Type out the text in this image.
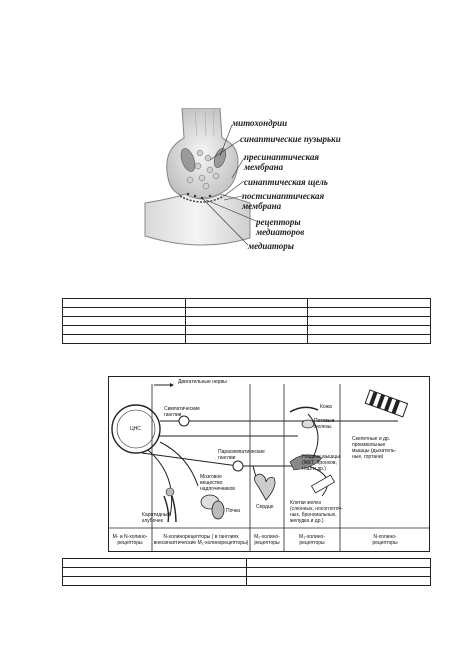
митохондрии
синаптические пузырьки
пресинаптическая
мембрана
синаптическая щель
постсинаптическая
мембрана
рецепторы
медиаторов
медиаторы

Двигательные нервы
ЦНС
Симпатические
ганглии
Парасимпатические
ганглии
Мозговое
вещество
надпочечников
Почка
Каротидный
клубочек
Сердце
Кожа
Потовые
железы
Гладкие мышцы
(ЖКТ, бронхов,
глаз и др.)
Клетки желез
(слюнных, носоглоточ-
ных, бронхиальных,
желудка и др.)
Скелетные и др.
произвольные
мышцы (дыхатель-
ные, гортани)
М- и N-холино-
рецепторы
N-холинорецепторы ( в ганглиях
внесинаптические М₁-холинорецепторы)
М₂-холино-
рецепторы
М₃-холино-
рецепторы
N-холино-
рецепторы
